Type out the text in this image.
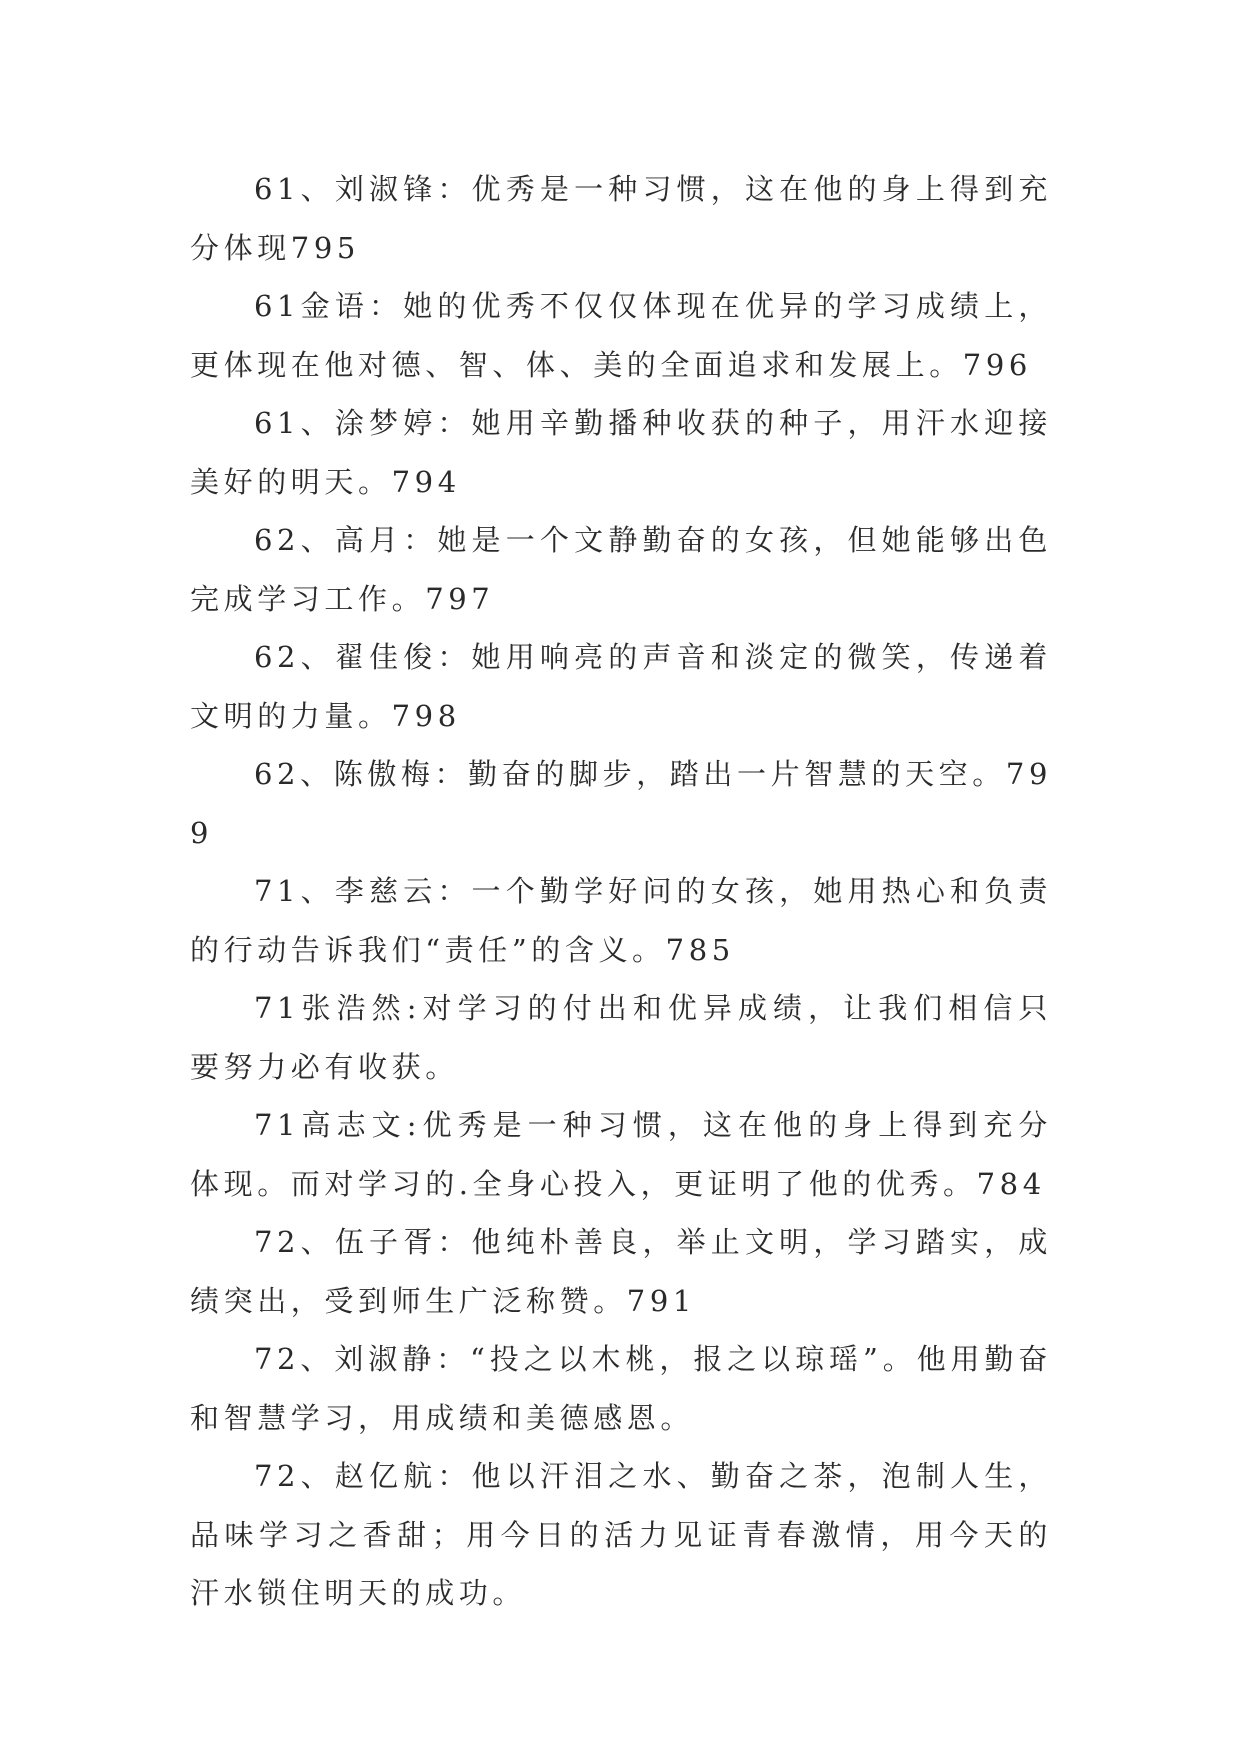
61、刘淑锋：优秀是一种习惯，这在他的身上得到充分体现795

61金语：她的优秀不仅仅体现在优异的学习成绩上，更体现在他对德、智、体、美的全面追求和发展上。796

61、涂梦婷：她用辛勤播种收获的种子，用汗水迎接美好的明天。794

62、高月：她是一个文静勤奋的女孩，但她能够出色完成学习工作。797

62、翟佳俊：她用响亮的声音和淡定的微笑，传递着文明的力量。798

62、陈傲梅：勤奋的脚步，踏出一片智慧的天空。799

71、李慈云：一个勤学好问的女孩，她用热心和负责的行动告诉我们“责任”的含义。785

71张浩然:对学习的付出和优异成绩，让我们相信只要努力必有收获。

71高志文:优秀是一种习惯，这在他的身上得到充分体现。而对学习的.全身心投入，更证明了他的优秀。784

72、伍子胥：他纯朴善良，举止文明，学习踏实，成绩突出，受到师生广泛称赞。791

72、刘淑静：“投之以木桃，报之以琼瑶”。他用勤奋和智慧学习，用成绩和美德感恩。

72、赵亿航：他以汗泪之水、勤奋之茶，泡制人生，品味学习之香甜；用今日的活力见证青春激情，用今天的汗水锁住明天的成功。
